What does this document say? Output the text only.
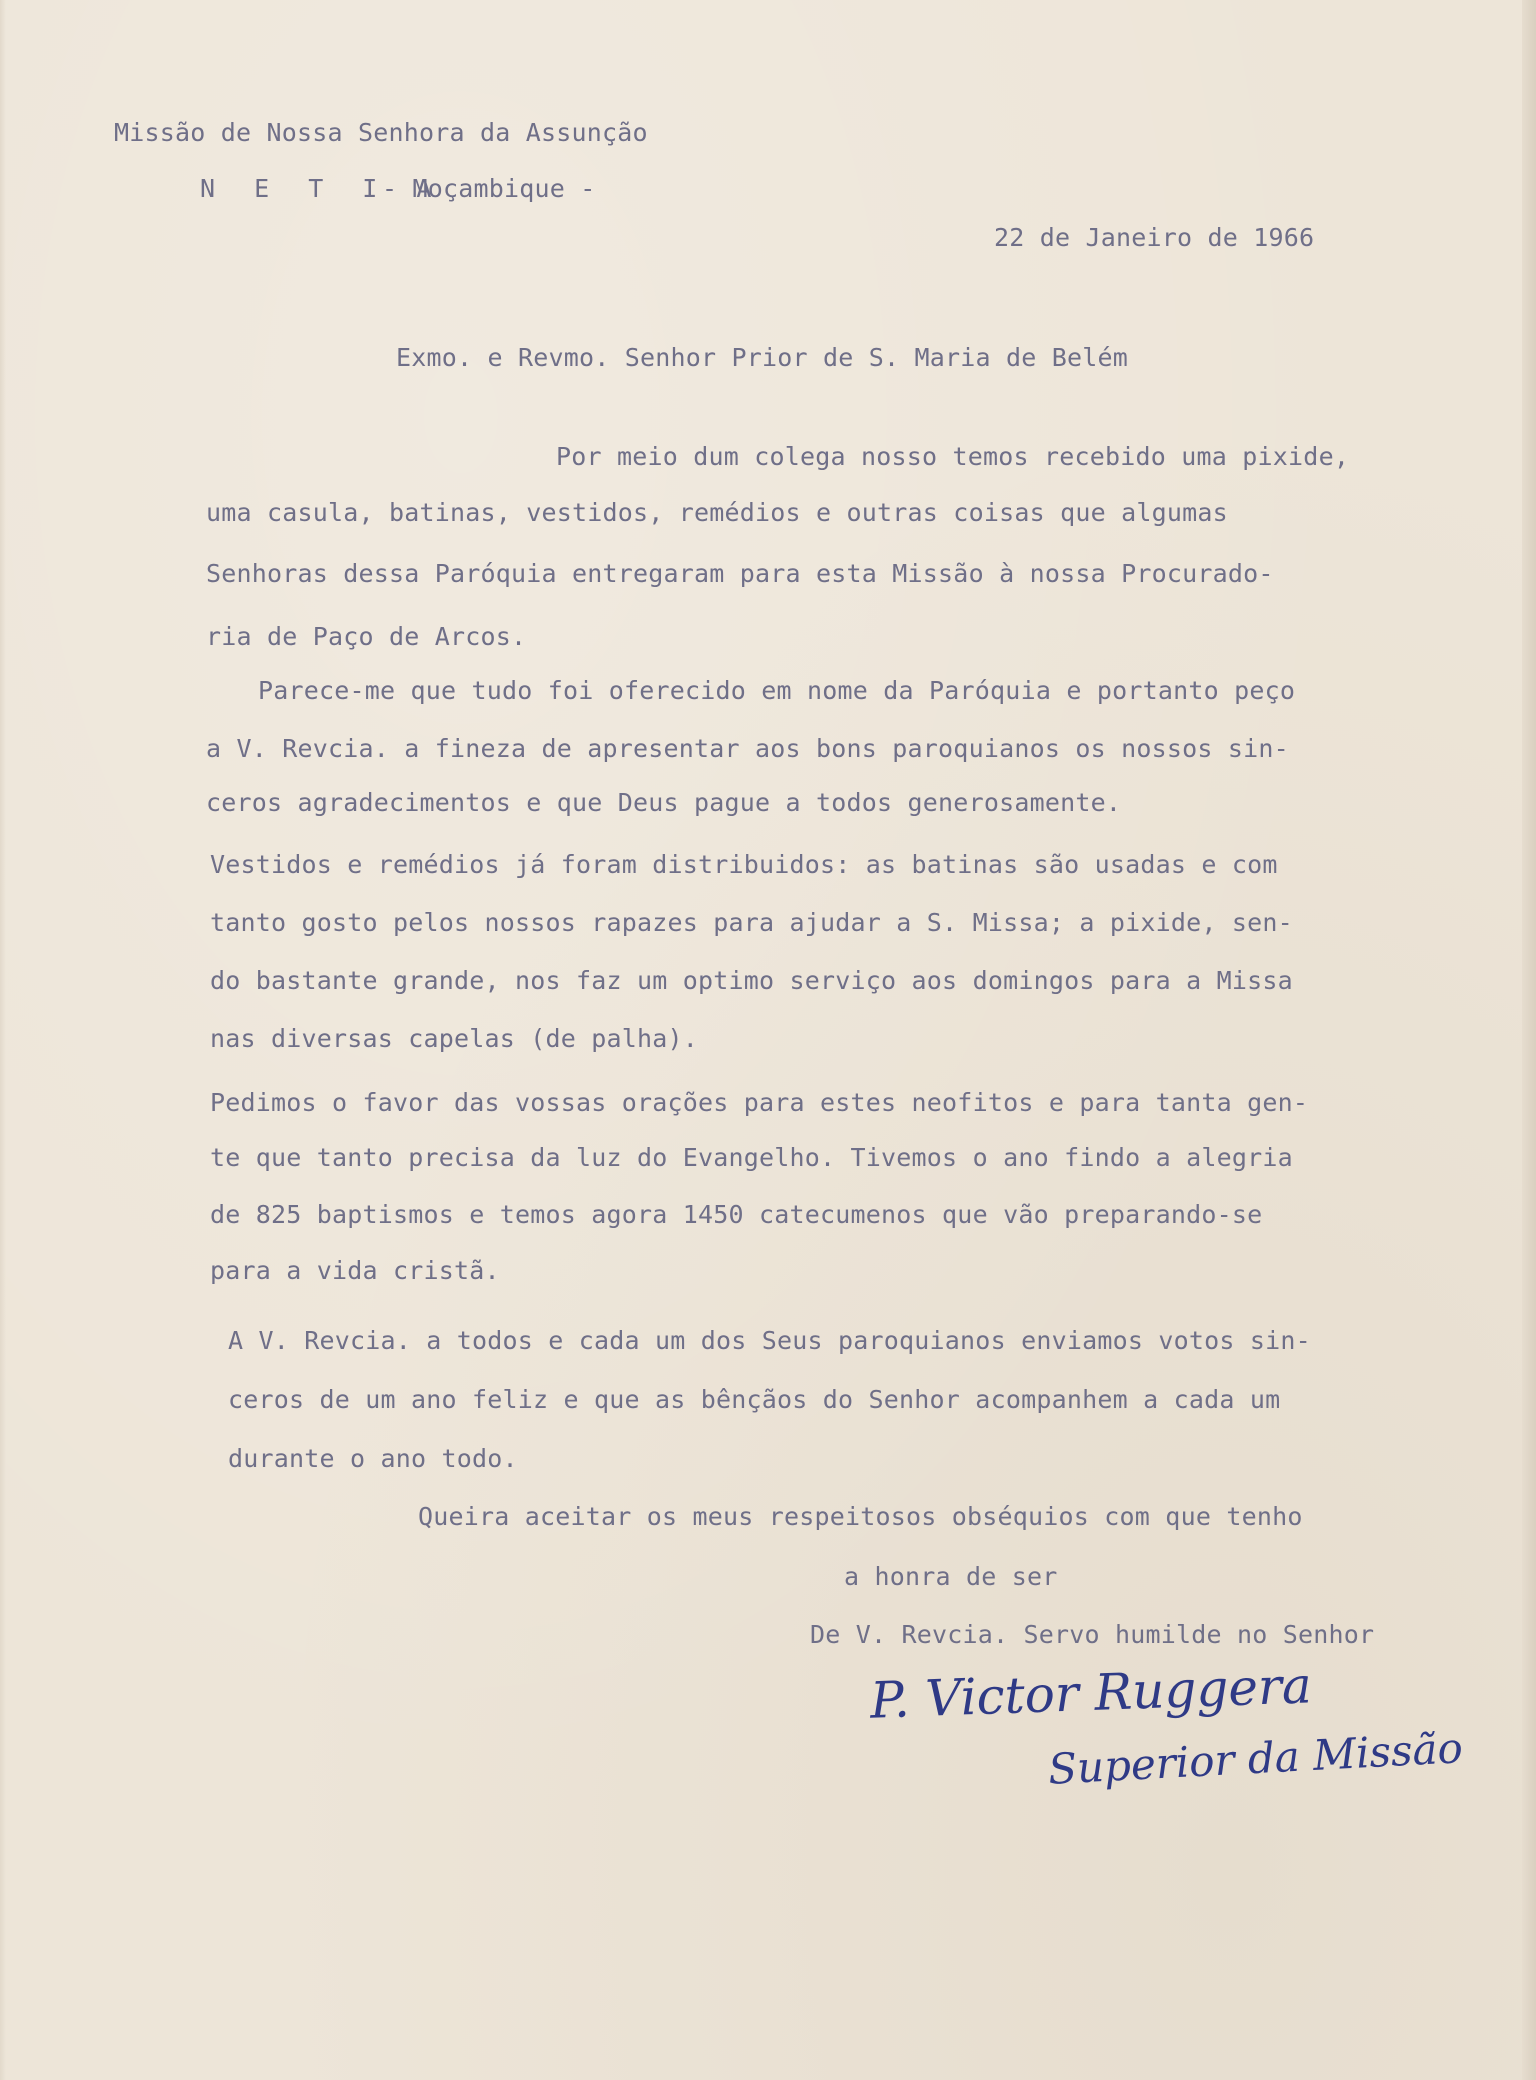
Missão de Nossa Senhora da Assunção
N E T I A
- Moçambique -
22 de Janeiro de 1966
Exmo. e Revmo. Senhor Prior de S. Maria de Belém
Por meio dum colega nosso temos recebido uma pixide,
uma casula, batinas, vestidos, remédios e outras coisas que algumas
Senhoras dessa Paróquia entregaram para esta Missão à nossa Procurado-
ria de Paço de Arcos.
Parece-me que tudo foi oferecido em nome da Paróquia e portanto peço
a V. Revcia. a fineza de apresentar aos bons paroquianos os nossos sin-
ceros agradecimentos e que Deus pague a todos generosamente.
Vestidos e remédios já foram distribuidos: as batinas são usadas e com
tanto gosto pelos nossos rapazes para ajudar a S. Missa; a pixide, sen-
do bastante grande, nos faz um optimo serviço aos domingos para a Missa
nas diversas capelas (de palha).
Pedimos o favor das vossas orações para estes neofitos e para tanta gen-
te que tanto precisa da luz do Evangelho. Tivemos o ano findo a alegria
de 825 baptismos e temos agora 1450 catecumenos que vão preparando-se
para a vida cristã.
A V. Revcia. a todos e cada um dos Seus paroquianos enviamos votos sin-
ceros de um ano feliz e que as bênçãos do Senhor acompanhem a cada um
durante o ano todo.
Queira aceitar os meus respeitosos obséquios com que tenho
a honra de ser
De V. Revcia. Servo humilde no Senhor
P. Victor Ruggera
Superior da Missão
